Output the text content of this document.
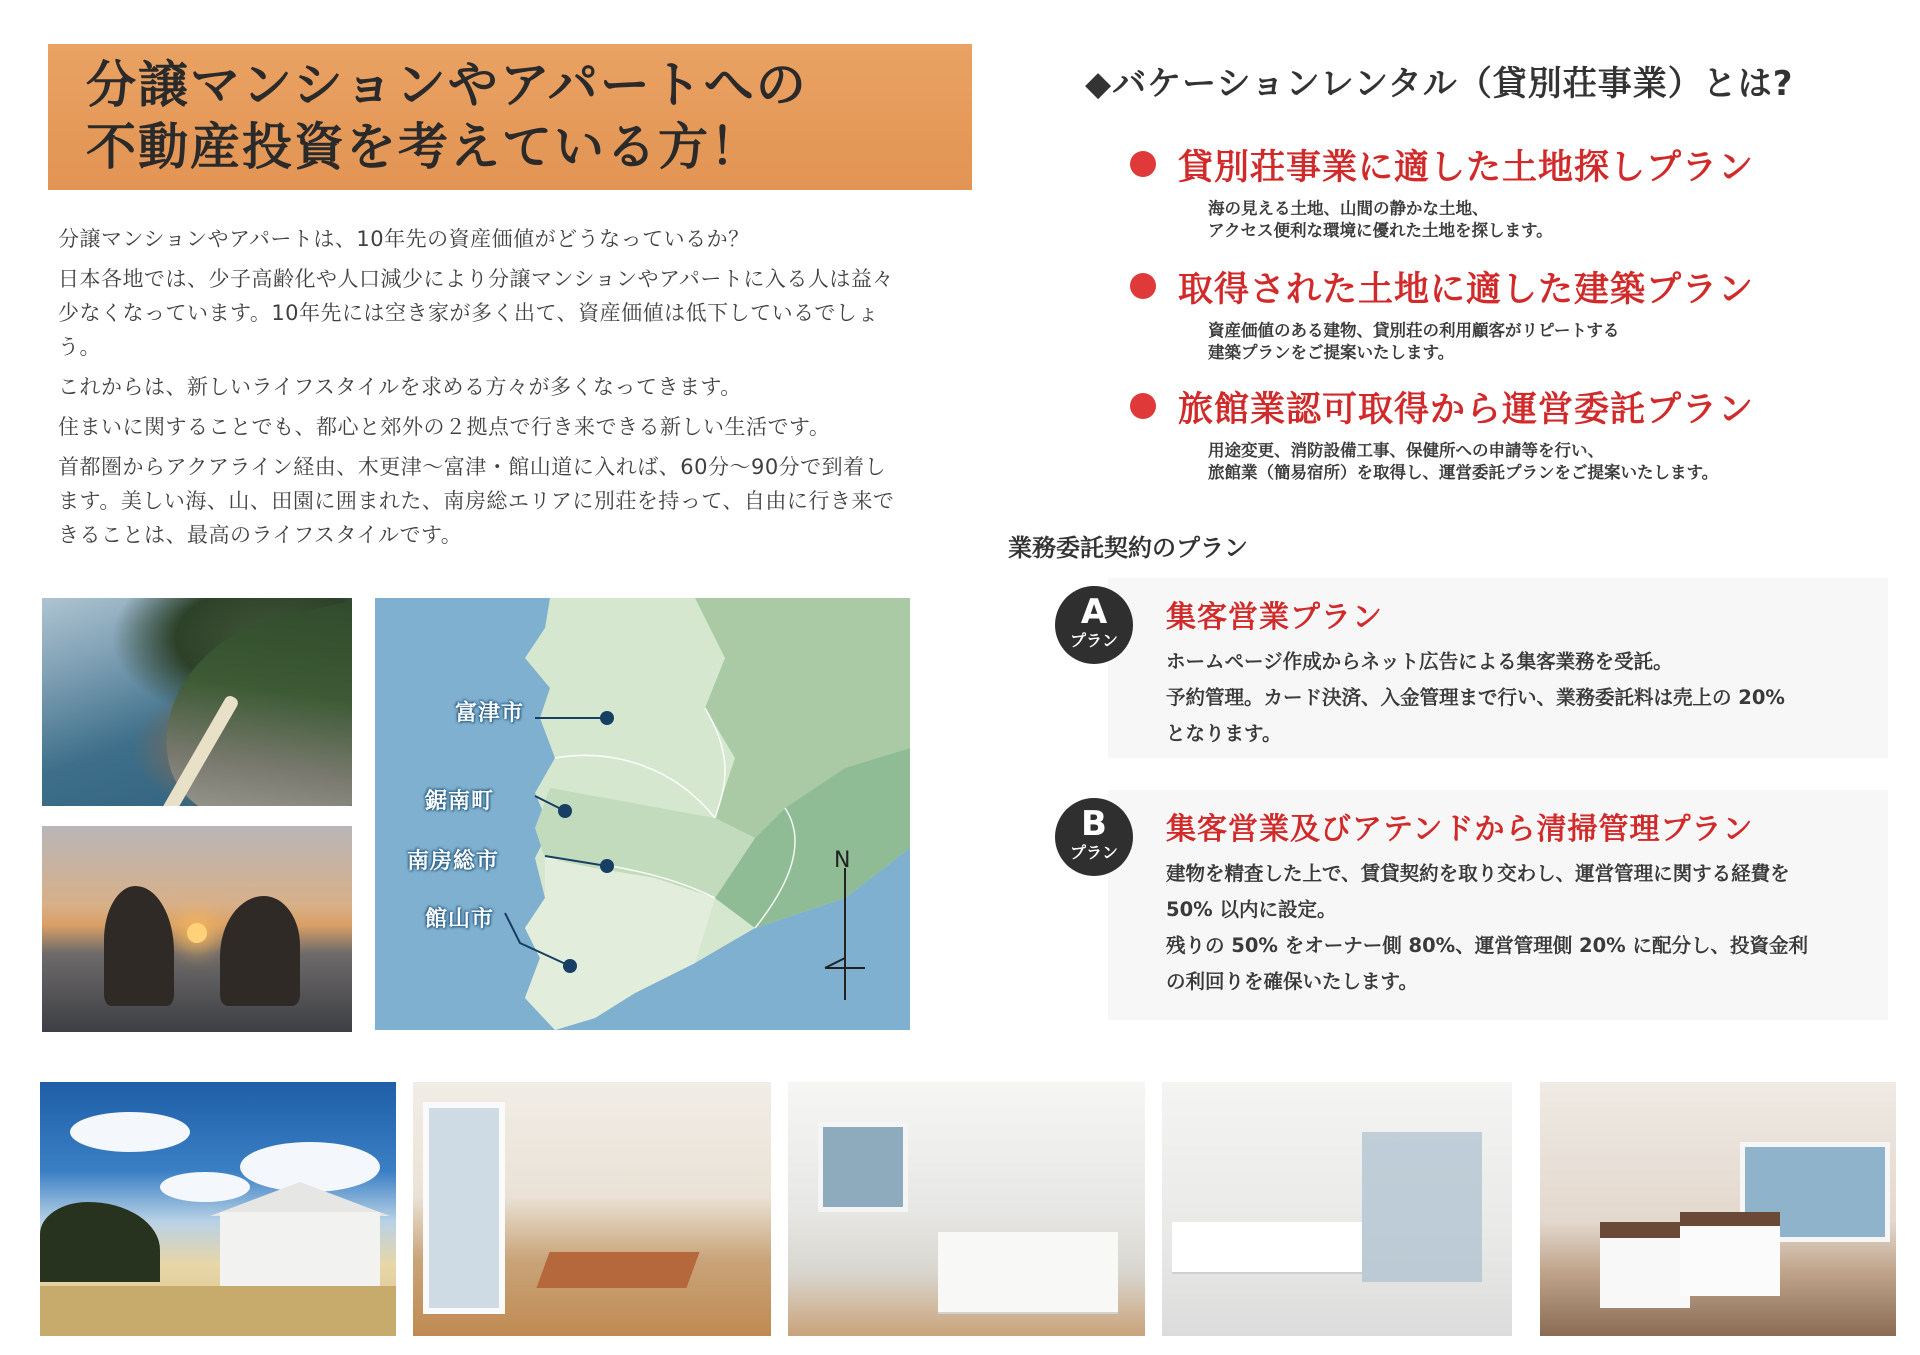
分譲マンションやアパートへの
不動産投資を考えている方！

分譲マンションやアパートは、10年先の資産価値がどうなっているか？

日本各地では、少子高齢化や人口減少により分譲マンションやアパートに入る人は益々少なくなっています。10年先には空き家が多く出て、資産価値は低下しているでしょう。

これからは、新しいライフスタイルを求める方々が多くなってきます。

住まいに関することでも、都心と郊外の２拠点で行き来できる新しい生活です。

首都圏からアクアライン経由、木更津～富津・館山道に入れば、60分～90分で到着します。美しい海、山、田園に囲まれた、南房総エリアに別荘を持って、自由に行き来できることは、最高のライフスタイルです。

富津市
鋸南町
南房総市
館山市
N
◆バケーションレンタル（貸別荘事業）とは?
貸別荘事業に適した土地探しプラン
海の見える土地、山間の静かな土地、
アクセス便利な環境に優れた土地を探します。
取得された土地に適した建築プラン
資産価値のある建物、貸別荘の利用顧客がリピートする
建築プランをご提案いたします。
旅館業認可取得から運営委託プラン
用途変更、消防設備工事、保健所への申請等を行い、
旅館業（簡易宿所）を取得し、運営委託プランをご提案いたします。
業務委託契約のプラン
A
プラン
集客営業プラン

ホームページ作成からネット広告による集客業務を受託。

予約管理。カード決済、入金管理まで行い、業務委託料は売上の 20%

となります。

B
プラン
集客営業及びアテンドから清掃管理プラン

建物を精査した上で、賃貸契約を取り交わし、運営管理に関する経費を

50% 以内に設定。

残りの 50% をオーナー側 80%、運営管理側 20% に配分し、投資金利

の利回りを確保いたします。
